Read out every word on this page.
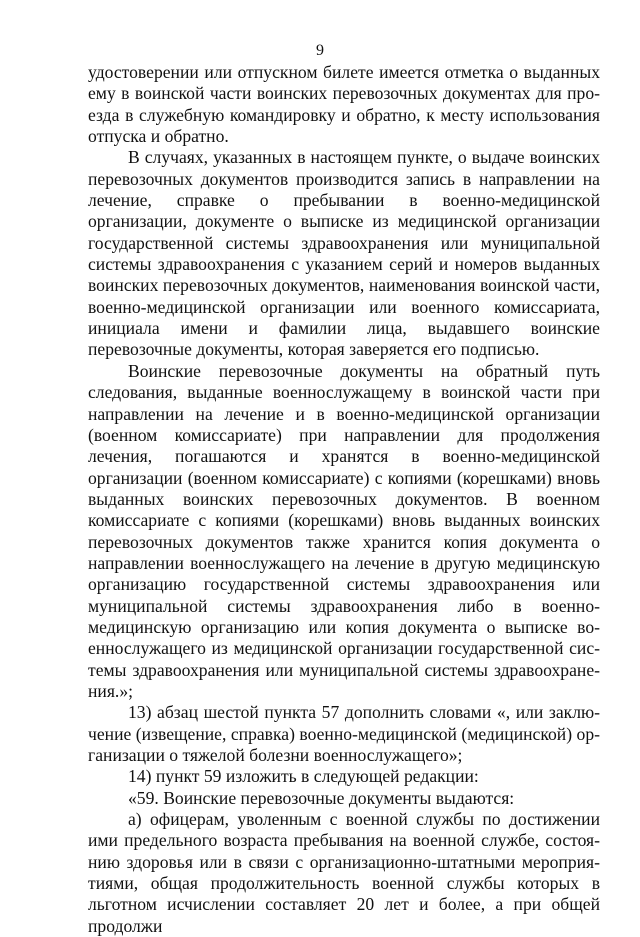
9

удостоверении или отпускном билете имеется отметка о выданных ему в воинской части воинских перевозочных документах для проезда в служебную командировку и обратно, к месту использования отпуска и обратно.

В случаях, указанных в настоящем пункте, о выдаче воинских перевозочных документов производится запись в направлении на лечение, справке о пребывании в военно-медицинской организации, документе о выписке из медицинской организации государственной системы здравоохранения или муниципальной системы здравоохранения с указанием серий и номеров выданных воинских перевозочных документов, наименования воинской части, военно-медицинской организации или военного комиссариата, инициала имени и фамилии лица, выдавшего воинские перевозочные документы, которая заверяется его подписью.

Воинские перевозочные документы на обратный путь следования, выданные военнослужащему в воинской части при направлении на лечение и в военно-медицинской организации (военном комиссариате) при направлении для продолжения лечения, погашаются и хранятся в военно-медицинской организации (военном комиссариате) с копиями (корешками) вновь выданных воинских перевозочных документов. В военном комиссариате с копиями (корешками) вновь выданных воинских перевозочных документов также хранится копия документа о направлении военнослужащего на лечение в другую медицинскую организацию государственной системы здравоохранения или муниципальной системы здравоохранения либо в военно-медицинскую организацию или копия документа о выписке военнослужащего из медицинской организации государственной системы здравоохранения или муниципальной системы здравоохранения.»;

13) абзац шестой пункта 57 дополнить словами «, или заключение (извещение, справка) военно-медицинской (медицинской) организации о тяжелой болезни военнослужащего»;

14) пункт 59 изложить в следующей редакции:

«59. Воинские перевозочные документы выдаются:

а) офицерам, уволенным с военной службы по достижении ими предельного возраста пребывания на военной службе, состоянию здоровья или в связи с организационно-штатными мероприятиями, общая продолжительность военной службы которых в льготном исчислении составляет 20 лет и более, а при общей продолжи
